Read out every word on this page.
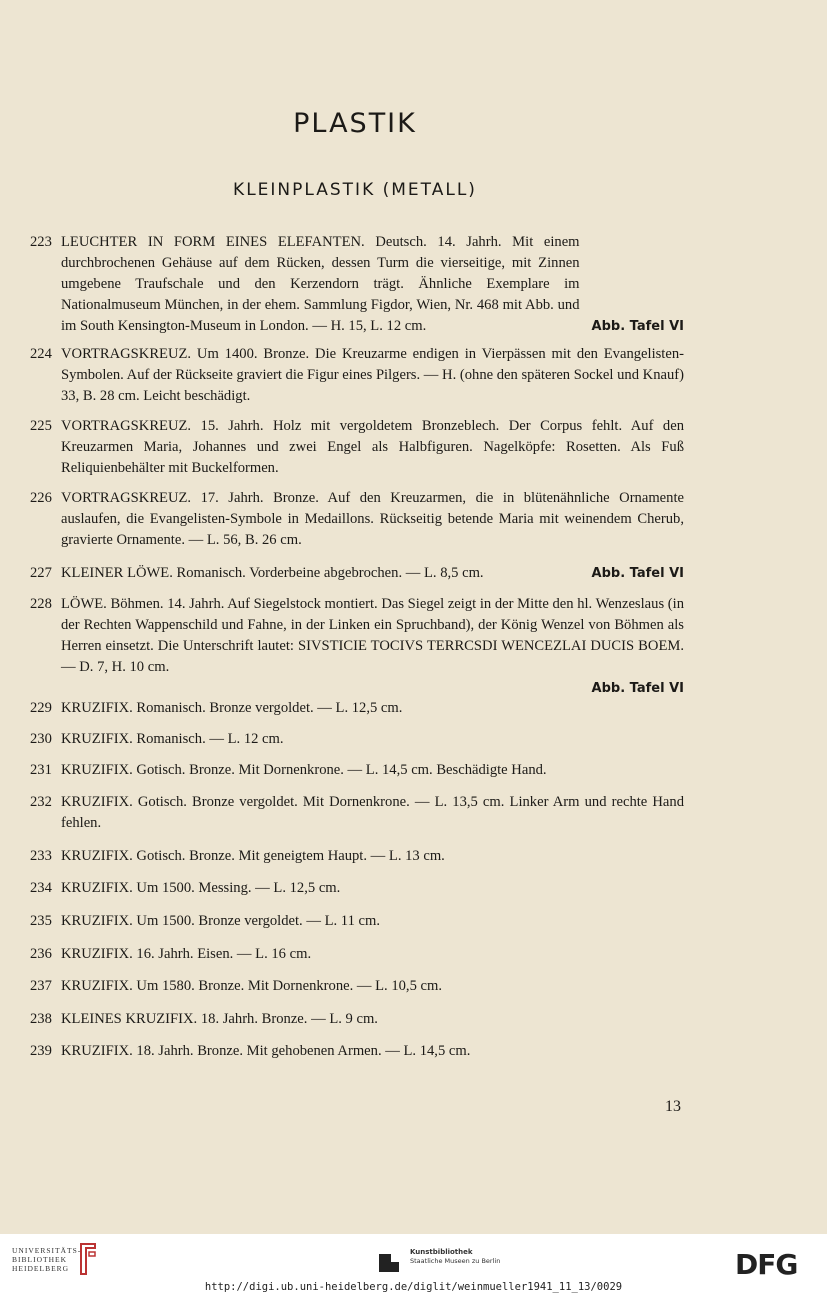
PLASTIK
KLEINPLASTIK (METALL)
223
Abb. Tafel VI
LEUCHTER IN FORM EINES ELEFANTEN. Deutsch. 14. Jahrh. Mit einem durchbrochenen Gehäuse auf dem Rücken, dessen Turm die vierseitige, mit Zinnen umgebene Traufschale und den Kerzendorn trägt. Ähnliche Exemplare im Nationalmuseum München, in der ehem. Sammlung Figdor, Wien, Nr. 468 mit Abb. und im South Kensington-Museum in London. — H. 15, L. 12 cm.
224 VORTRAGSKREUZ. Um 1400. Bronze. Die Kreuzarme endigen in Vierpässen mit den Evangelisten-Symbolen. Auf der Rückseite graviert die Figur eines Pilgers. — H. (ohne den späteren Sockel und Knauf) 33, B. 28 cm. Leicht beschädigt.
225 VORTRAGSKREUZ. 15. Jahrh. Holz mit vergoldetem Bronzeblech. Der Corpus fehlt. Auf den Kreuzarmen Maria, Johannes und zwei Engel als Halbfiguren. Nagelköpfe: Rosetten. Als Fuß Reliquienbehälter mit Buckelformen.
226 VORTRAGSKREUZ. 17. Jahrh. Bronze. Auf den Kreuzarmen, die in blütenähnliche Ornamente auslaufen, die Evangelisten-Symbole in Medaillons. Rückseitig betende Maria mit weinendem Cherub, gravierte Ornamente. — L. 56, B. 26 cm.
227	Abb. Tafel VI
KLEINER LÖWE. Romanisch. Vorderbeine abgebrochen. — L. 8,5 cm.
228 LÖWE. Böhmen. 14. Jahrh. Auf Siegelstock montiert. Das Siegel zeigt in der Mitte den hl. Wenzeslaus (in der Rechten Wappenschild und Fahne, in der Linken ein Spruchband), der König Wenzel von Böhmen als Herren einsetzt. Die Unterschrift lautet: SIVSTICIE TOCIVS TERRCSDI WENCEZLAI DUCIS BOEM. — D. 7, H. 10 cm.
Abb. Tafel VI
229 KRUZIFIX. Romanisch. Bronze vergoldet. — L. 12,5 cm.
230 KRUZIFIX. Romanisch. — L. 12 cm.
231 KRUZIFIX. Gotisch. Bronze. Mit Dornenkrone. — L. 14,5 cm. Beschädigte Hand.
232 KRUZIFIX. Gotisch. Bronze vergoldet. Mit Dornenkrone. — L. 13,5 cm. Linker Arm und rechte Hand fehlen.
233 KRUZIFIX. Gotisch. Bronze. Mit geneigtem Haupt. — L. 13 cm.
234 KRUZIFIX. Um 1500. Messing. — L. 12,5 cm.
235 KRUZIFIX. Um 1500. Bronze vergoldet. — L. 11 cm.
236 KRUZIFIX. 16. Jahrh. Eisen. — L. 16 cm.
237 KRUZIFIX. Um 1580. Bronze. Mit Dornenkrone. — L. 10,5 cm.
238 KLEINES KRUZIFIX. 18. Jahrh. Bronze. — L. 9 cm.
239 KRUZIFIX. 18. Jahrh. Bronze. Mit gehobenen Armen. — L. 14,5 cm.
13
UNIVERSITÄTS-
BIBLIOTHEK
HEIDELBERG
Kunstbibliothek
Staatliche Museen zu Berlin	DFG
http://digi.ub.uni-heidelberg.de/diglit/weinmueller1941_11_13/0029
